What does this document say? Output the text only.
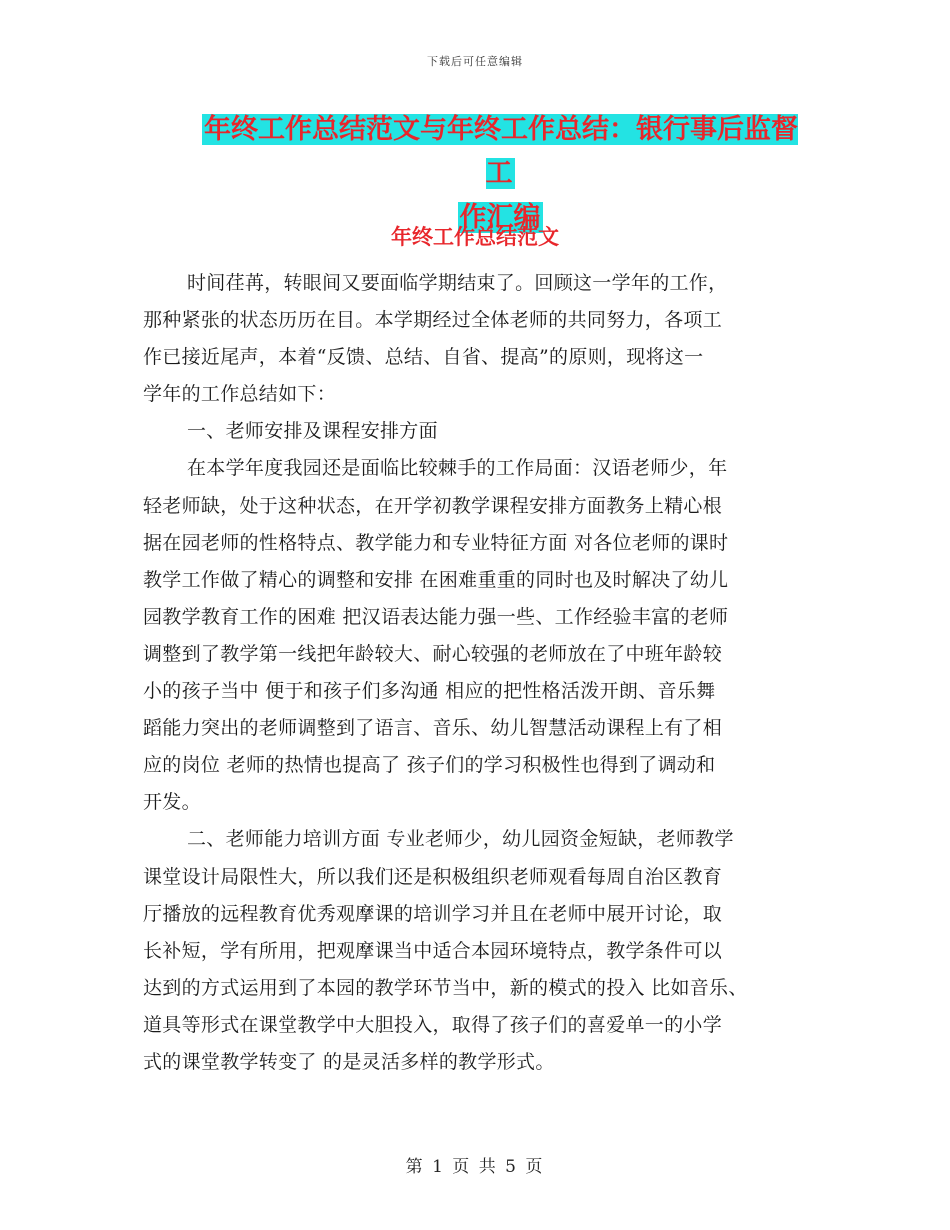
下载后可任意编辑
年终工作总结范文与年终工作总结：银行事后监督工
作汇编
年终工作总结范文
时间荏苒，转眼间又要面临学期结束了。回顾这一学年的工作，
那种紧张的状态历历在目。本学期经过全体老师的共同努力，各项工
作已接近尾声，本着“反馈、总结、自省、提高”的原则，现将这一
学年的工作总结如下：
一、老师安排及课程安排方面
在本学年度我园还是面临比较棘手的工作局面：汉语老师少，年
轻老师缺，处于这种状态，在开学初教学课程安排方面教务上精心根
据在园老师的性格特点、教学能力和专业特征方面 对各位老师的课时
教学工作做了精心的调整和安排 在困难重重的同时也及时解决了幼儿
园教学教育工作的困难 把汉语表达能力强一些、工作经验丰富的老师
调整到了教学第一线把年龄较大、耐心较强的老师放在了中班年龄较
小的孩子当中 便于和孩子们多沟通 相应的把性格活泼开朗、音乐舞
蹈能力突出的老师调整到了语言、音乐、幼儿智慧活动课程上有了相
应的岗位 老师的热情也提高了 孩子们的学习积极性也得到了调动和
开发。
二、老师能力培训方面 专业老师少，幼儿园资金短缺，老师教学
课堂设计局限性大，所以我们还是积极组织老师观看每周自治区教育
厅播放的远程教育优秀观摩课的培训学习并且在老师中展开讨论，取
长补短，学有所用，把观摩课当中适合本园环境特点，教学条件可以
达到的方式运用到了本园的教学环节当中，新的模式的投入 比如音乐、
道具等形式在课堂教学中大胆投入，取得了孩子们的喜爱单一的小学
式的课堂教学转变了 的是灵活多样的教学形式。
第 1 页 共 5 页
